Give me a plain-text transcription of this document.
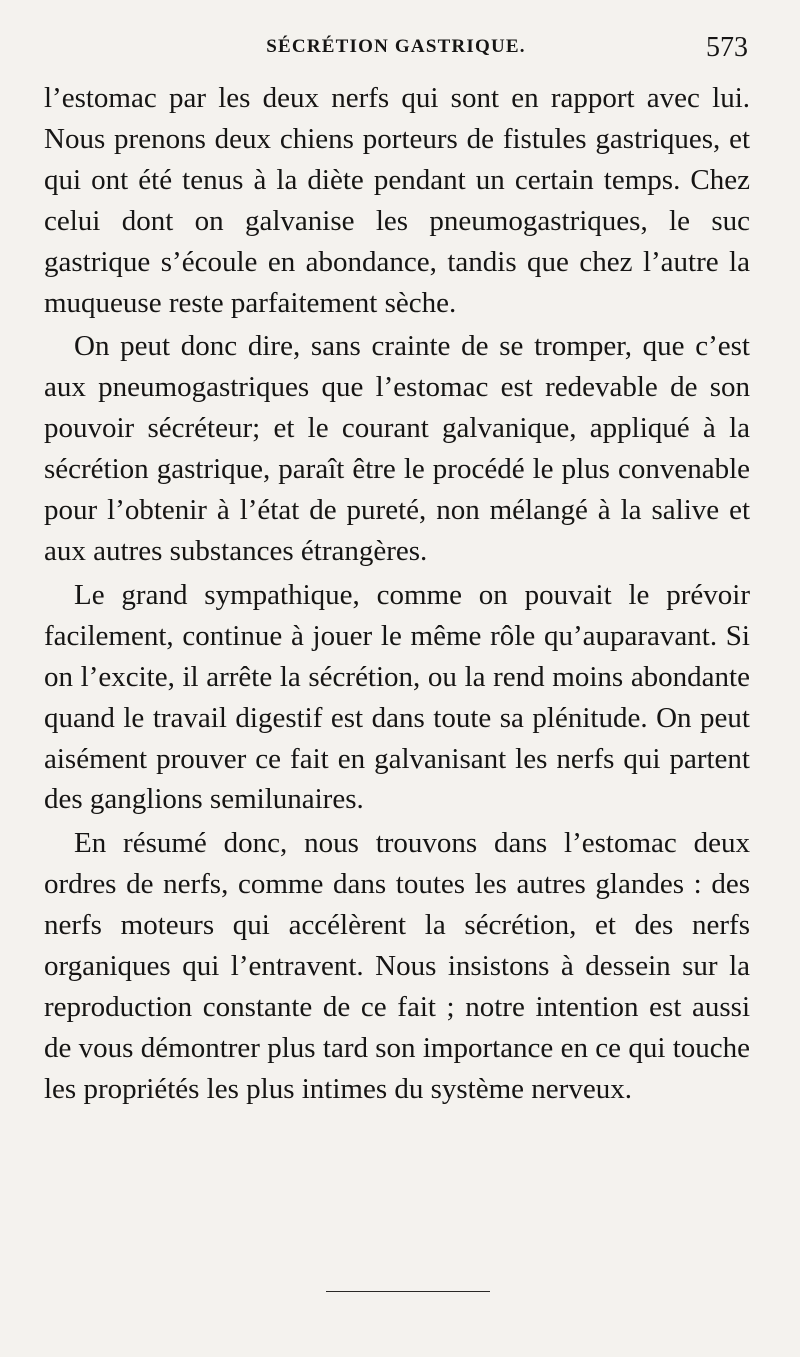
SÉCRÉTION GASTRIQUE.	573

l’estomac par les deux nerfs qui sont en rapport avec lui. Nous prenons deux chiens porteurs de fistules gastriques, et qui ont été tenus à la diète pendant un certain temps. Chez celui dont on galvanise les pneumogastriques, le suc gastrique s’écoule en abondance, tandis que chez l’autre la muqueuse reste parfaitement sèche.

On peut donc dire, sans crainte de se tromper, que c’est aux pneumogastriques que l’estomac est redevable de son pouvoir sécréteur; et le courant galvanique, appliqué à la sécrétion gastrique, paraît être le procédé le plus convenable pour l’obtenir à l’état de pureté, non mélangé à la salive et aux autres substances étrangères.

Le grand sympathique, comme on pouvait le prévoir facilement, continue à jouer le même rôle qu’auparavant. Si on l’excite, il arrête la sécrétion, ou la rend moins abondante quand le travail digestif est dans toute sa plénitude. On peut aisément prouver ce fait en galvanisant les nerfs qui partent des ganglions semilunaires.

En résumé donc, nous trouvons dans l’estomac deux ordres de nerfs, comme dans toutes les autres glandes : des nerfs moteurs qui accélèrent la sécrétion, et des nerfs organiques qui l’entravent. Nous insistons à dessein sur la reproduction constante de ce fait ; notre intention est aussi de vous démontrer plus tard son importance en ce qui touche les propriétés les plus intimes du système nerveux.
